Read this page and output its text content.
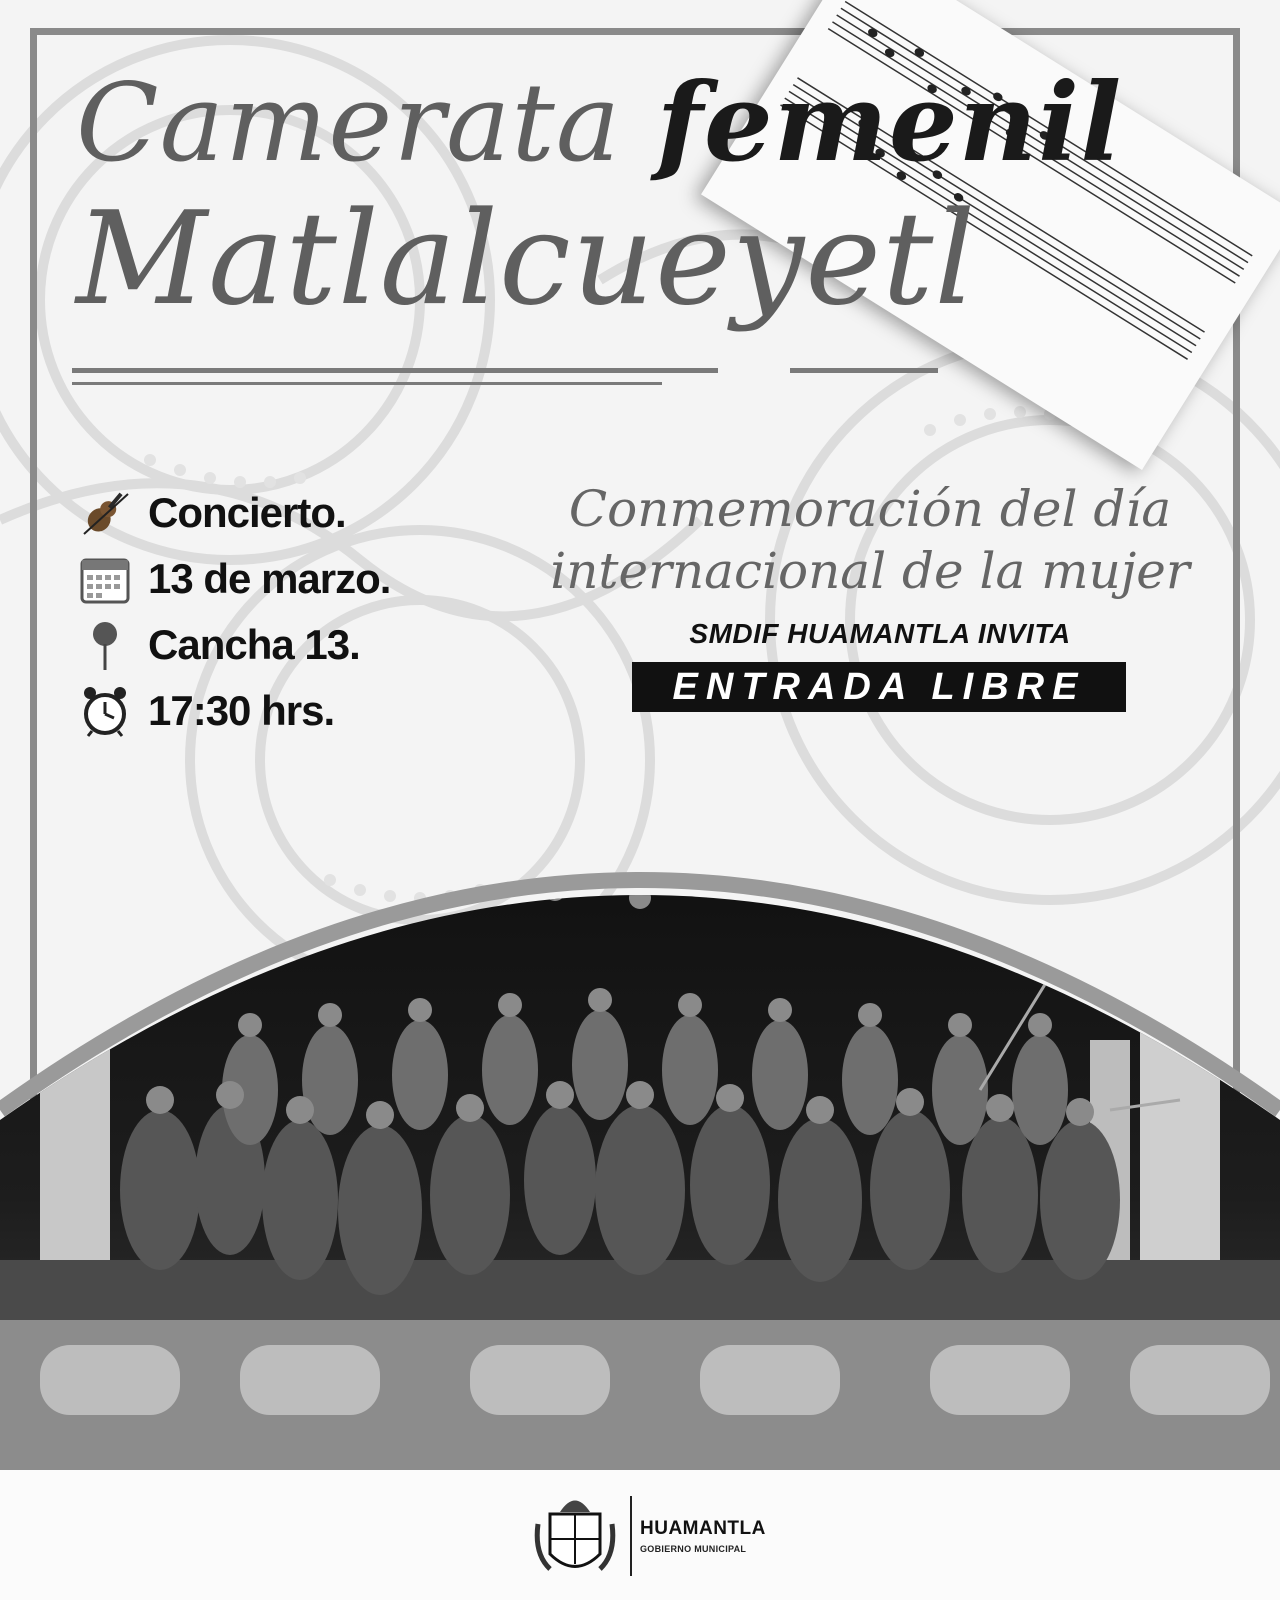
Camerata femenil
Matlalcueyetl
Concierto.
13 de marzo.
Cancha 13.
17:30 hrs.
Conmemoración del día
internacional de la mujer
SMDIF HUAMANTLA INVITA
ENTRADA LIBRE
HUAMANTLA
GOBIERNO MUNICIPAL
